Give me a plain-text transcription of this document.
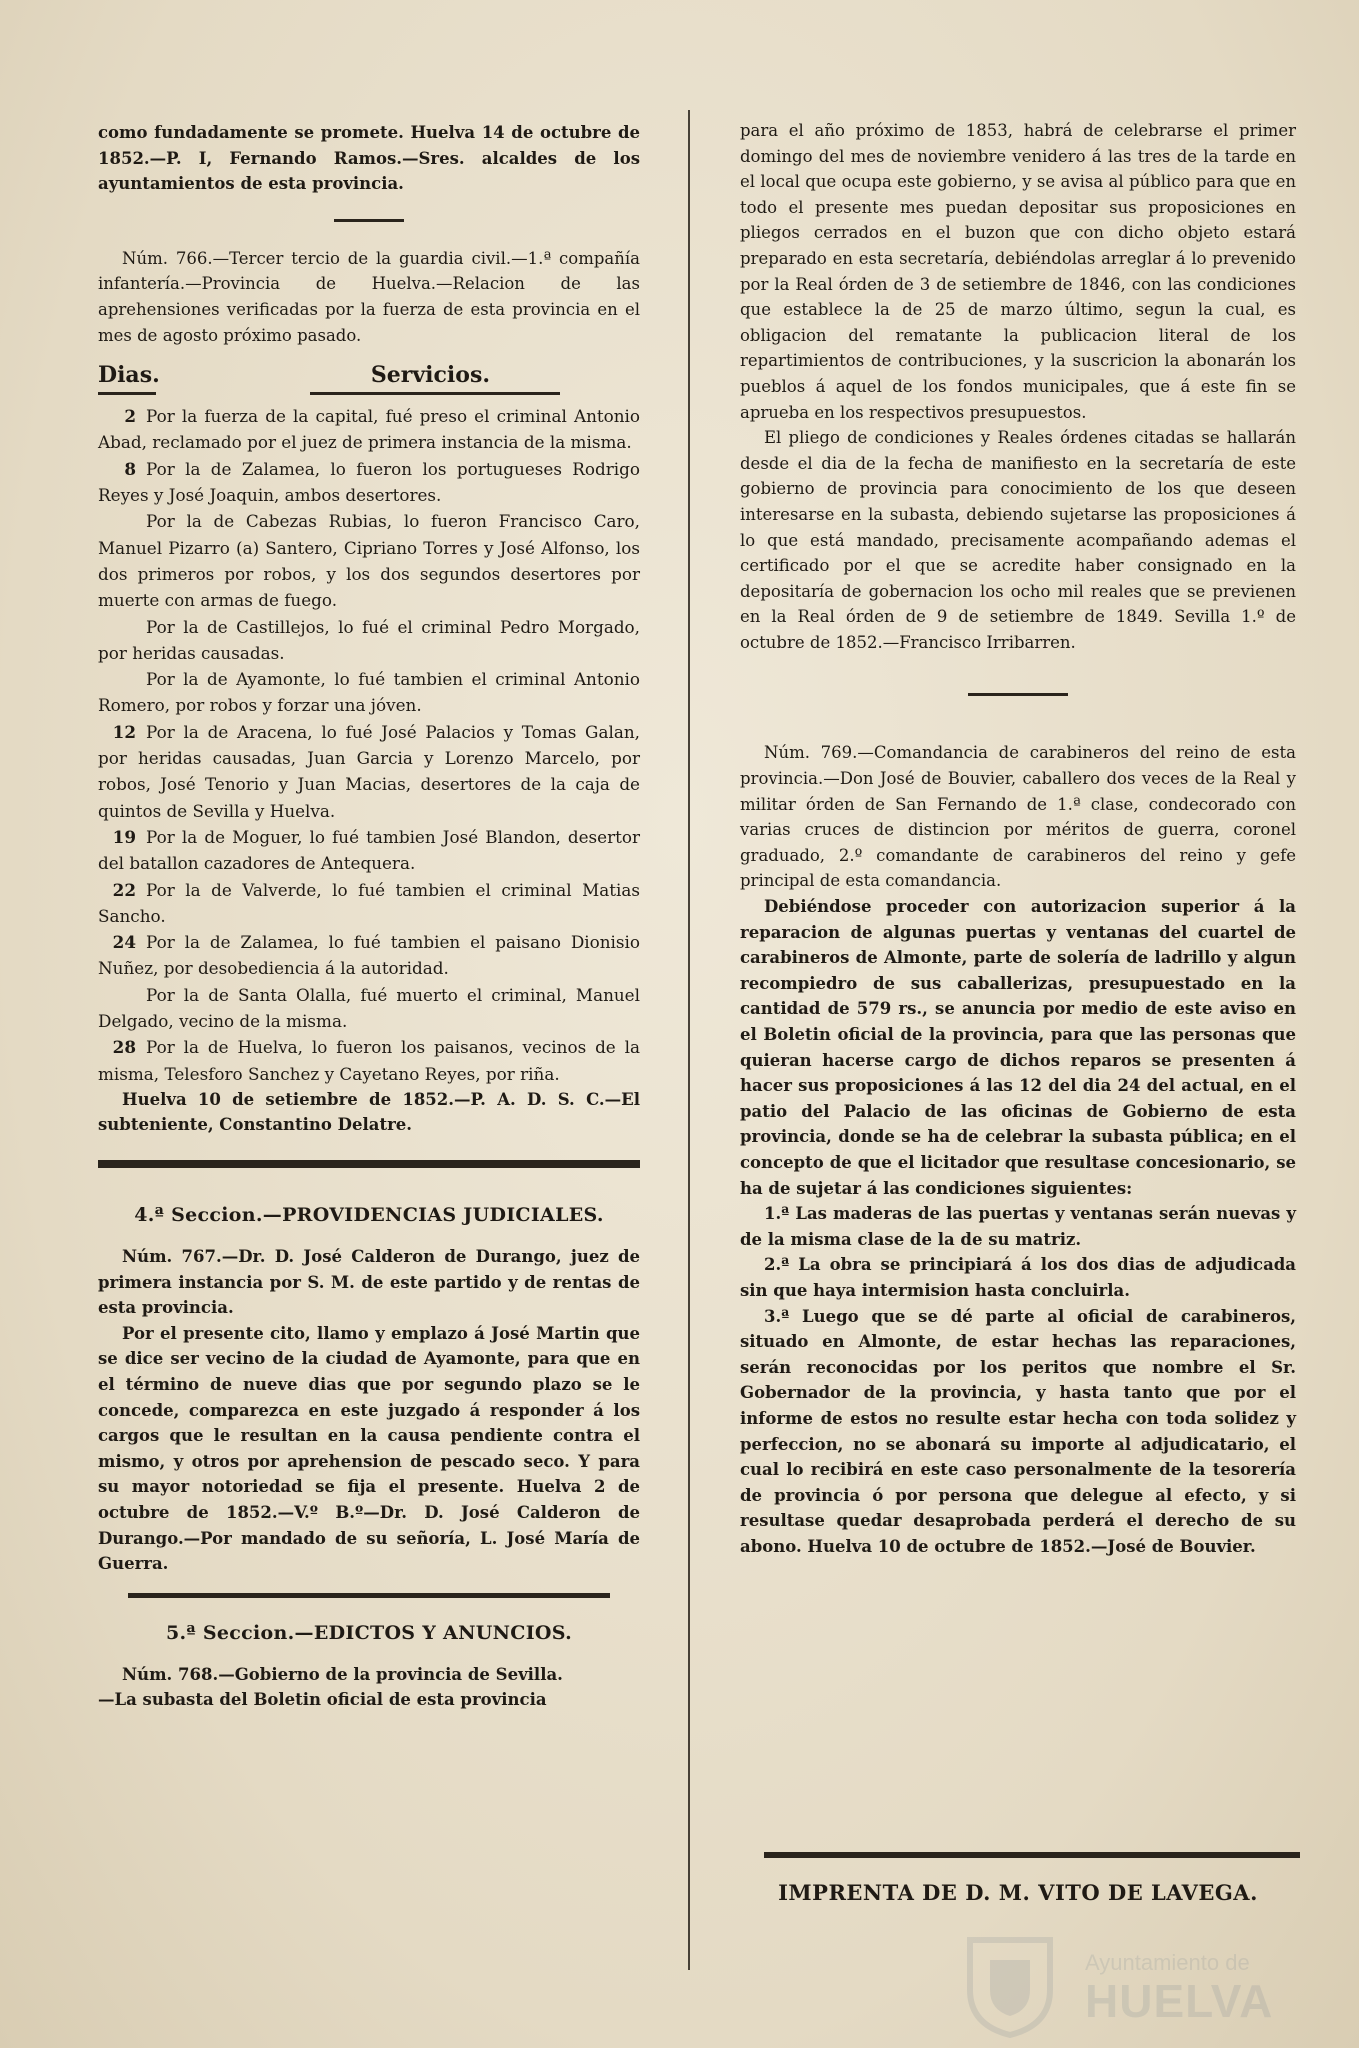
como fundadamente se promete. Huelva 14 de octubre de 1852.—P. I, Fernando Ramos.—Sres. alcaldes de los ayuntamientos de esta provincia.

Núm. 766.—Tercer tercio de la guardia civil.—1.ª compañía infantería.—Provincia de Huelva.—Relacion de las aprehensiones verificadas por la fuerza de esta provincia en el mes de agosto próximo pasado.

Dias.	Servicios.

2 Por la fuerza de la capital, fué preso el criminal Antonio Abad, reclamado por el juez de primera instancia de la misma.

8 Por la de Zalamea, lo fueron los portugueses Rodrigo Reyes y José Joaquin, ambos desertores.

Por la de Cabezas Rubias, lo fueron Francisco Caro, Manuel Pizarro (a) Santero, Cipriano Torres y José Alfonso, los dos primeros por robos, y los dos segundos desertores por muerte con armas de fuego.

Por la de Castillejos, lo fué el criminal Pedro Morgado, por heridas causadas.

Por la de Ayamonte, lo fué tambien el criminal Antonio Romero, por robos y forzar una jóven.

12 Por la de Aracena, lo fué José Palacios y Tomas Galan, por heridas causadas, Juan Garcia y Lorenzo Marcelo, por robos, José Tenorio y Juan Macias, desertores de la caja de quintos de Sevilla y Huelva.

19 Por la de Moguer, lo fué tambien José Blandon, desertor del batallon cazadores de Antequera.

22 Por la de Valverde, lo fué tambien el criminal Matias Sancho.

24 Por la de Zalamea, lo fué tambien el paisano Dionisio Nuñez, por desobediencia á la autoridad.

Por la de Santa Olalla, fué muerto el criminal, Manuel Delgado, vecino de la misma.

28 Por la de Huelva, lo fueron los paisanos, vecinos de la misma, Telesforo Sanchez y Cayetano Reyes, por riña.

Huelva 10 de setiembre de 1852.—P. A. D. S. C.—El subteniente, Constantino Delatre.

4.ª Seccion.—PROVIDENCIAS JUDICIALES.

Núm. 767.—Dr. D. José Calderon de Durango, juez de primera instancia por S. M. de este partido y de rentas de esta provincia.

Por el presente cito, llamo y emplazo á José Martin que se dice ser vecino de la ciudad de Ayamonte, para que en el término de nueve dias que por segundo plazo se le concede, comparezca en este juzgado á responder á los cargos que le resultan en la causa pendiente contra el mismo, y otros por aprehension de pescado seco. Y para su mayor notoriedad se fija el presente. Huelva 2 de octubre de 1852.—V.º B.º—Dr. D. José Calderon de Durango.—Por mandado de su señoría, L. José María de Guerra.

5.ª Seccion.—EDICTOS Y ANUNCIOS.

Núm. 768.—Gobierno de la provincia de Sevilla.

—La subasta del Boletin oficial de esta provincia

para el año próximo de 1853, habrá de celebrarse el primer domingo del mes de noviembre venidero á las tres de la tarde en el local que ocupa este gobierno, y se avisa al público para que en todo el presente mes puedan depositar sus proposiciones en pliegos cerrados en el buzon que con dicho objeto estará preparado en esta secretaría, debiéndolas arreglar á lo prevenido por la Real órden de 3 de setiembre de 1846, con las condiciones que establece la de 25 de marzo último, segun la cual, es obligacion del rematante la publicacion literal de los repartimientos de contribuciones, y la suscricion la abonarán los pueblos á aquel de los fondos municipales, que á este fin se aprueba en los respectivos presupuestos.

El pliego de condiciones y Reales órdenes citadas se hallarán desde el dia de la fecha de manifiesto en la secretaría de este gobierno de provincia para conocimiento de los que deseen interesarse en la subasta, debiendo sujetarse las proposiciones á lo que está mandado, precisamente acompañando ademas el certificado por el que se acredite haber consignado en la depositaría de gobernacion los ocho mil reales que se previenen en la Real órden de 9 de setiembre de 1849. Sevilla 1.º de octubre de 1852.—Francisco Irribarren.

Núm. 769.—Comandancia de carabineros del reino de esta provincia.—Don José de Bouvier, caballero dos veces de la Real y militar órden de San Fernando de 1.ª clase, condecorado con varias cruces de distincion por méritos de guerra, coronel graduado, 2.º comandante de carabineros del reino y gefe principal de esta comandancia.

Debiéndose proceder con autorizacion superior á la reparacion de algunas puertas y ventanas del cuartel de carabineros de Almonte, parte de solería de ladrillo y algun recompiedro de sus caballerizas, presupuestado en la cantidad de 579 rs., se anuncia por medio de este aviso en el Boletin oficial de la provincia, para que las personas que quieran hacerse cargo de dichos reparos se presenten á hacer sus proposiciones á las 12 del dia 24 del actual, en el patio del Palacio de las oficinas de Gobierno de esta provincia, donde se ha de celebrar la subasta pública; en el concepto de que el licitador que resultase concesionario, se ha de sujetar á las condiciones siguientes:

1.ª Las maderas de las puertas y ventanas serán nuevas y de la misma clase de la de su matriz.

2.ª La obra se principiará á los dos dias de adjudicada sin que haya intermision hasta concluirla.

3.ª Luego que se dé parte al oficial de carabineros, situado en Almonte, de estar hechas las reparaciones, serán reconocidas por los peritos que nombre el Sr. Gobernador de la provincia, y hasta tanto que por el informe de estos no resulte estar hecha con toda solidez y perfeccion, no se abonará su importe al adjudicatario, el cual lo recibirá en este caso personalmente de la tesorería de provincia ó por persona que delegue al efecto, y si resultase quedar desaprobada perderá el derecho de su abono. Huelva 10 de octubre de 1852.—José de Bouvier.

IMPRENTA DE D. M. VITO DE LAVEGA.
Ayuntamiento de
HUELVA
